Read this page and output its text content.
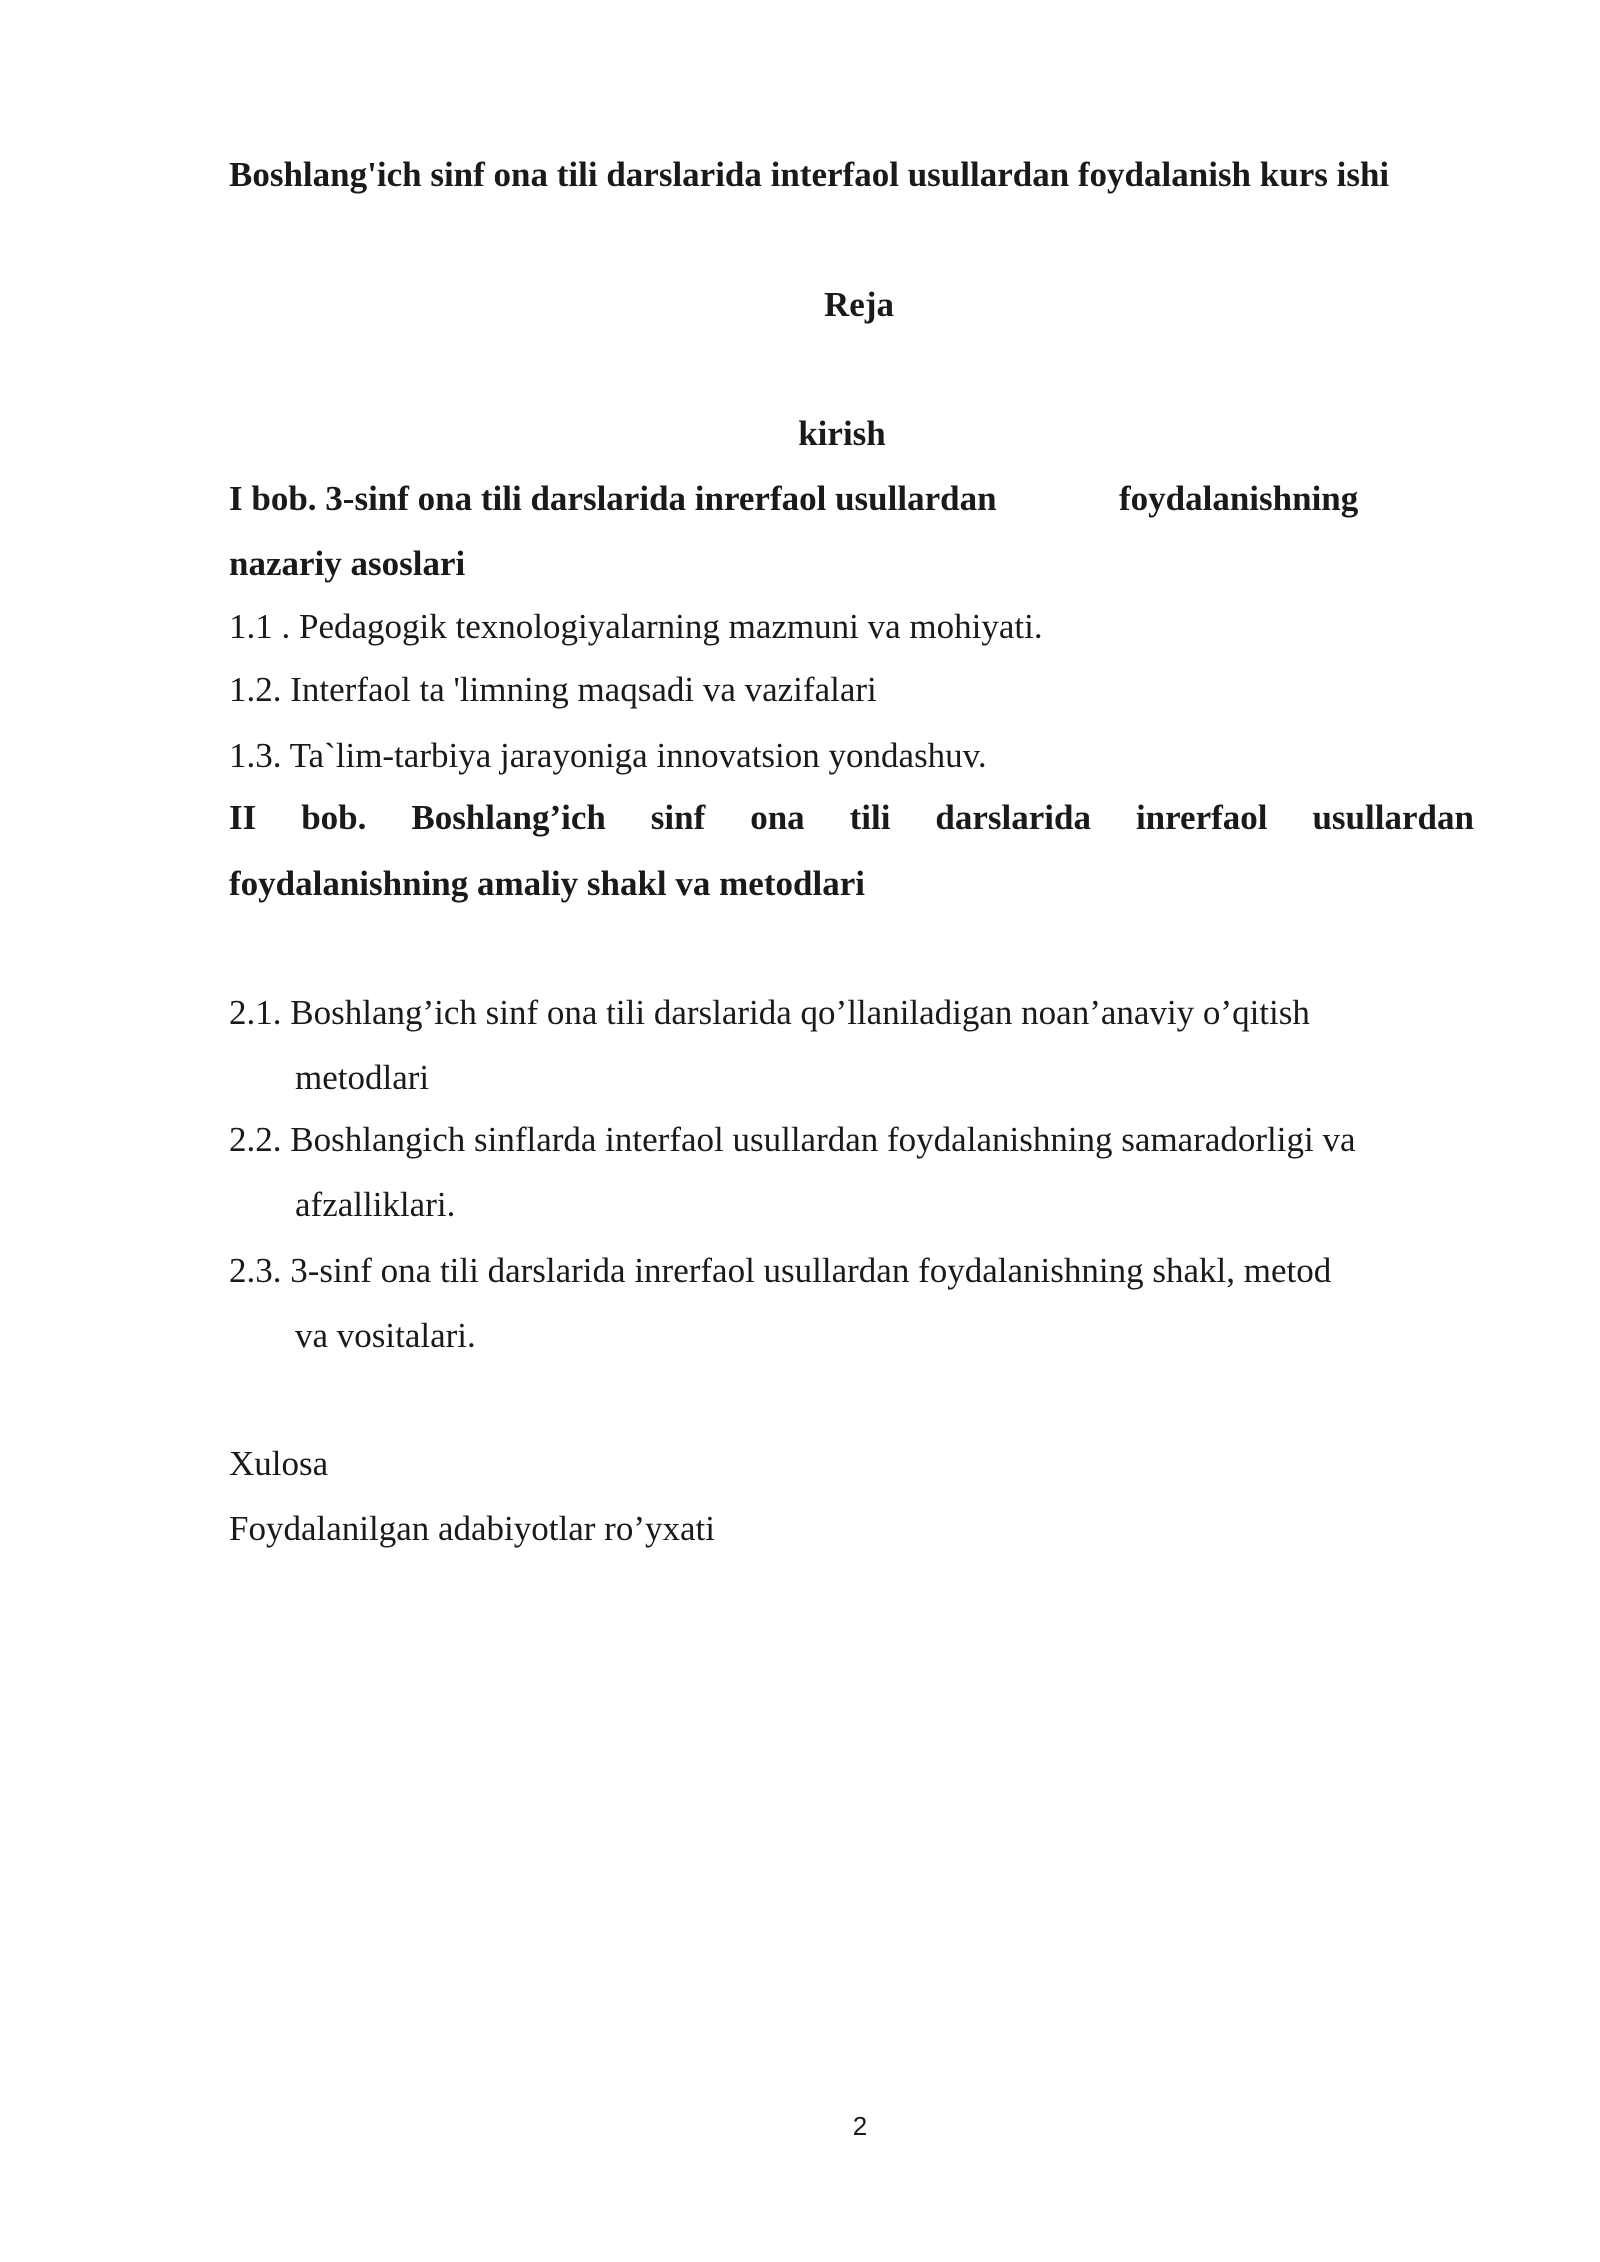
Boshlang'ich sinf ona tili darslarida interfaol usullardan foydalanish kurs ishi
Reja
kirish
I bob. 3-sinf ona tili darslarida inrerfaol usullardan	foydalanishning
nazariy asoslari
1.1 . Pedagogik texnologiyalarning mazmuni va mohiyati.
1.2. Interfaol ta 'limning maqsadi va vazifalari
1.3. Ta`lim-tarbiya jarayoniga innovatsion yondashuv.
II bob. Boshlang’ich sinf ona tili darslarida inrerfaol usullardan
foydalanishning amaliy shakl va metodlari
2.1. Boshlang’ich sinf ona tili darslarida qo’llaniladigan noan’anaviy o’qitish
metodlari
2.2. Boshlangich sinflarda interfaol usullardan foydalanishning samaradorligi va
afzalliklari.
2.3. 3-sinf ona tili darslarida inrerfaol usullardan foydalanishning shakl, metod
va vositalari.
Xulosa
Foydalanilgan adabiyotlar ro’yxati
2
